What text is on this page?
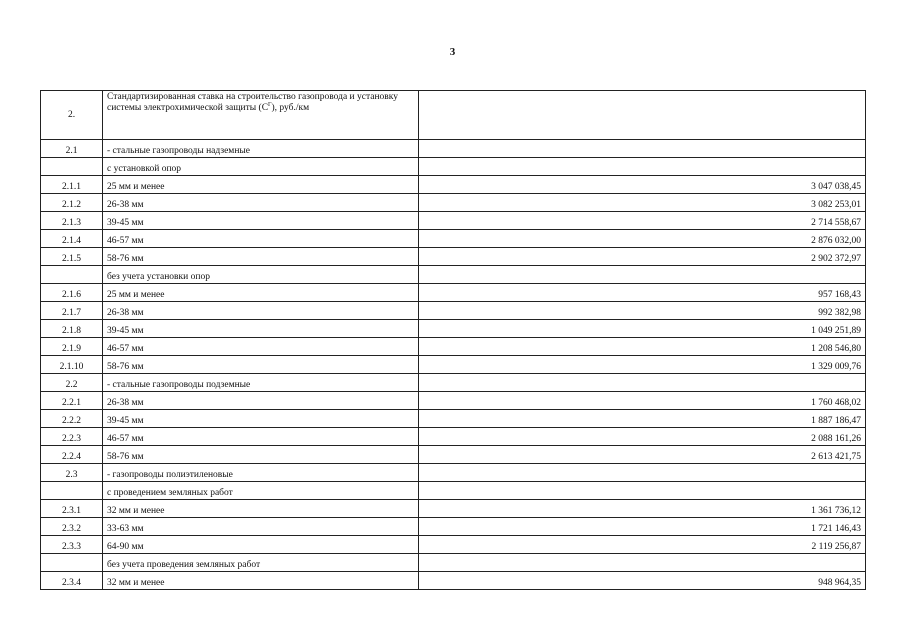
3
2.	Стандартизированная ставка на строительство газопровода и установку системы электрохимической защиты $(С^Г)$, руб./км	
2.1	- стальные газопроводы надземные	
	с установкой опор	
2.1.1	25 мм и менее	3 047 038,45
2.1.2	26-38 мм	3 082 253,01
2.1.3	39-45 мм	2 714 558,67
2.1.4	46-57 мм	2 876 032,00
2.1.5	58-76 мм	2 902 372,97
	без учета установки опор	
2.1.6	25 мм и менее	957 168,43
2.1.7	26-38 мм	992 382,98
2.1.8	39-45 мм	1 049 251,89
2.1.9	46-57 мм	1 208 546,80
2.1.10	58-76 мм	1 329 009,76
2.2	- стальные газопроводы подземные	
2.2.1	26-38 мм	1 760 468,02
2.2.2	39-45 мм	1 887 186,47
2.2.3	46-57 мм	2 088 161,26
2.2.4	58-76 мм	2 613 421,75
2.3	- газопроводы полиэтиленовые	
	с проведением земляных работ	
2.3.1	32 мм и менее	1 361 736,12
2.3.2	33-63 мм	1 721 146,43
2.3.3	64-90 мм	2 119 256,87
	без учета проведения земляных работ	
2.3.4	32 мм и менее	948 964,35
